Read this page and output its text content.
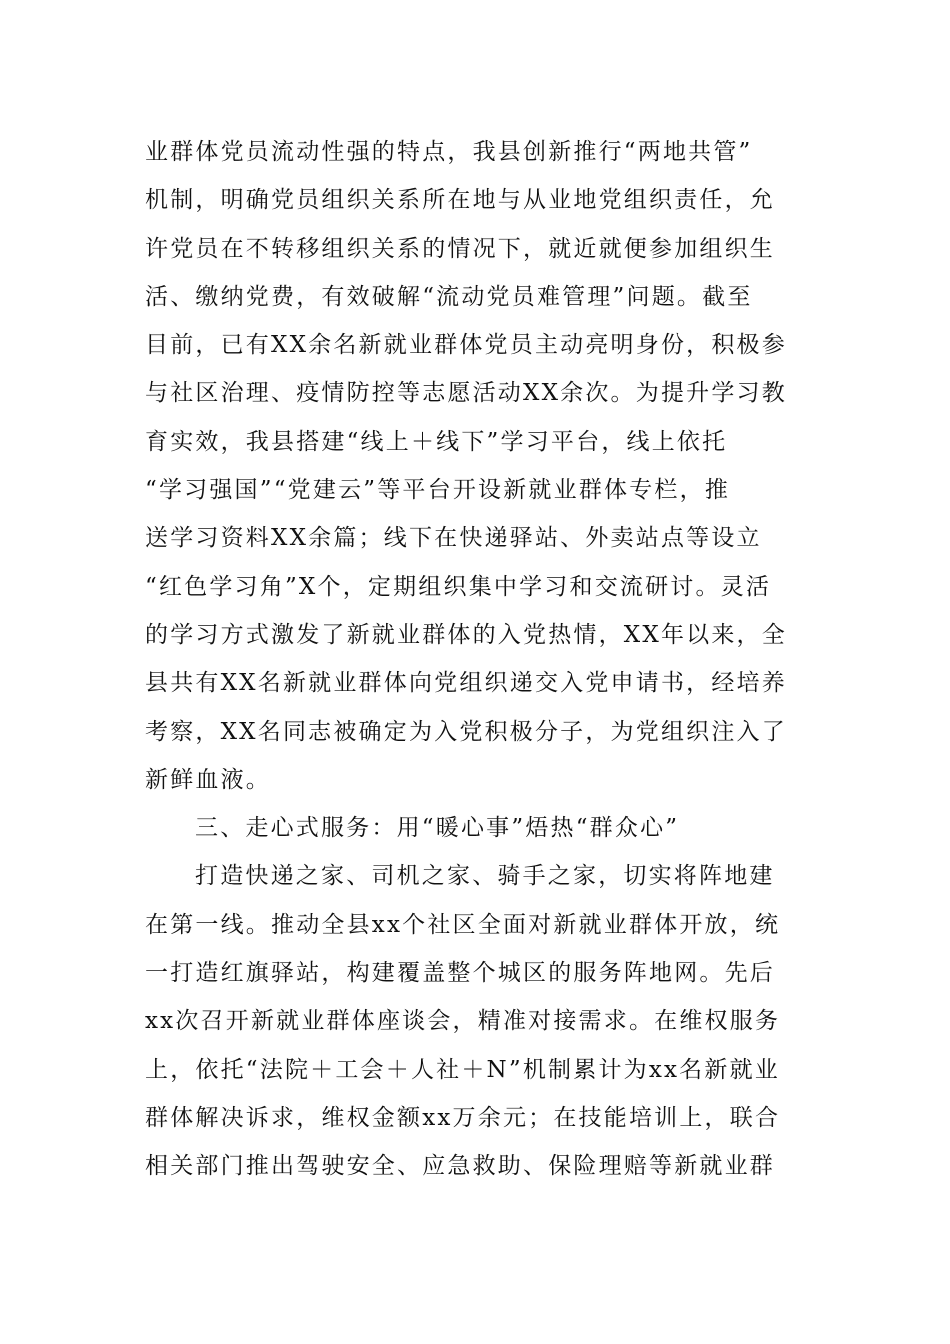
业群体党员流动性强的特点，我县创新推行“两地共管”
机制，明确党员组织关系所在地与从业地党组织责任，允
许党员在不转移组织关系的情况下，就近就便参加组织生
活、缴纳党费，有效破解“流动党员难管理”问题。截至
目前，已有XX余名新就业群体党员主动亮明身份，积极参
与社区治理、疫情防控等志愿活动XX余次。为提升学习教
育实效，我县搭建“线上＋线下”学习平台，线上依托
“学习强国”“党建云”等平台开设新就业群体专栏，推
送学习资料XX余篇；线下在快递驿站、外卖站点等设立
“红色学习角”X个，定期组织集中学习和交流研讨。灵活
的学习方式激发了新就业群体的入党热情，XX年以来，全
县共有XX名新就业群体向党组织递交入党申请书，经培养
考察，XX名同志被确定为入党积极分子，为党组织注入了
新鲜血液。
三、走心式服务：用“暖心事”焐热“群众心”
打造快递之家、司机之家、骑手之家，切实将阵地建
在第一线。推动全县xx个社区全面对新就业群体开放，统
一打造红旗驿站，构建覆盖整个城区的服务阵地网。先后
xx次召开新就业群体座谈会，精准对接需求。在维权服务
上，依托“法院＋工会＋人社＋N”机制累计为xx名新就业
群体解决诉求，维权金额xx万余元；在技能培训上，联合
相关部门推出驾驶安全、应急救助、保险理赔等新就业群
